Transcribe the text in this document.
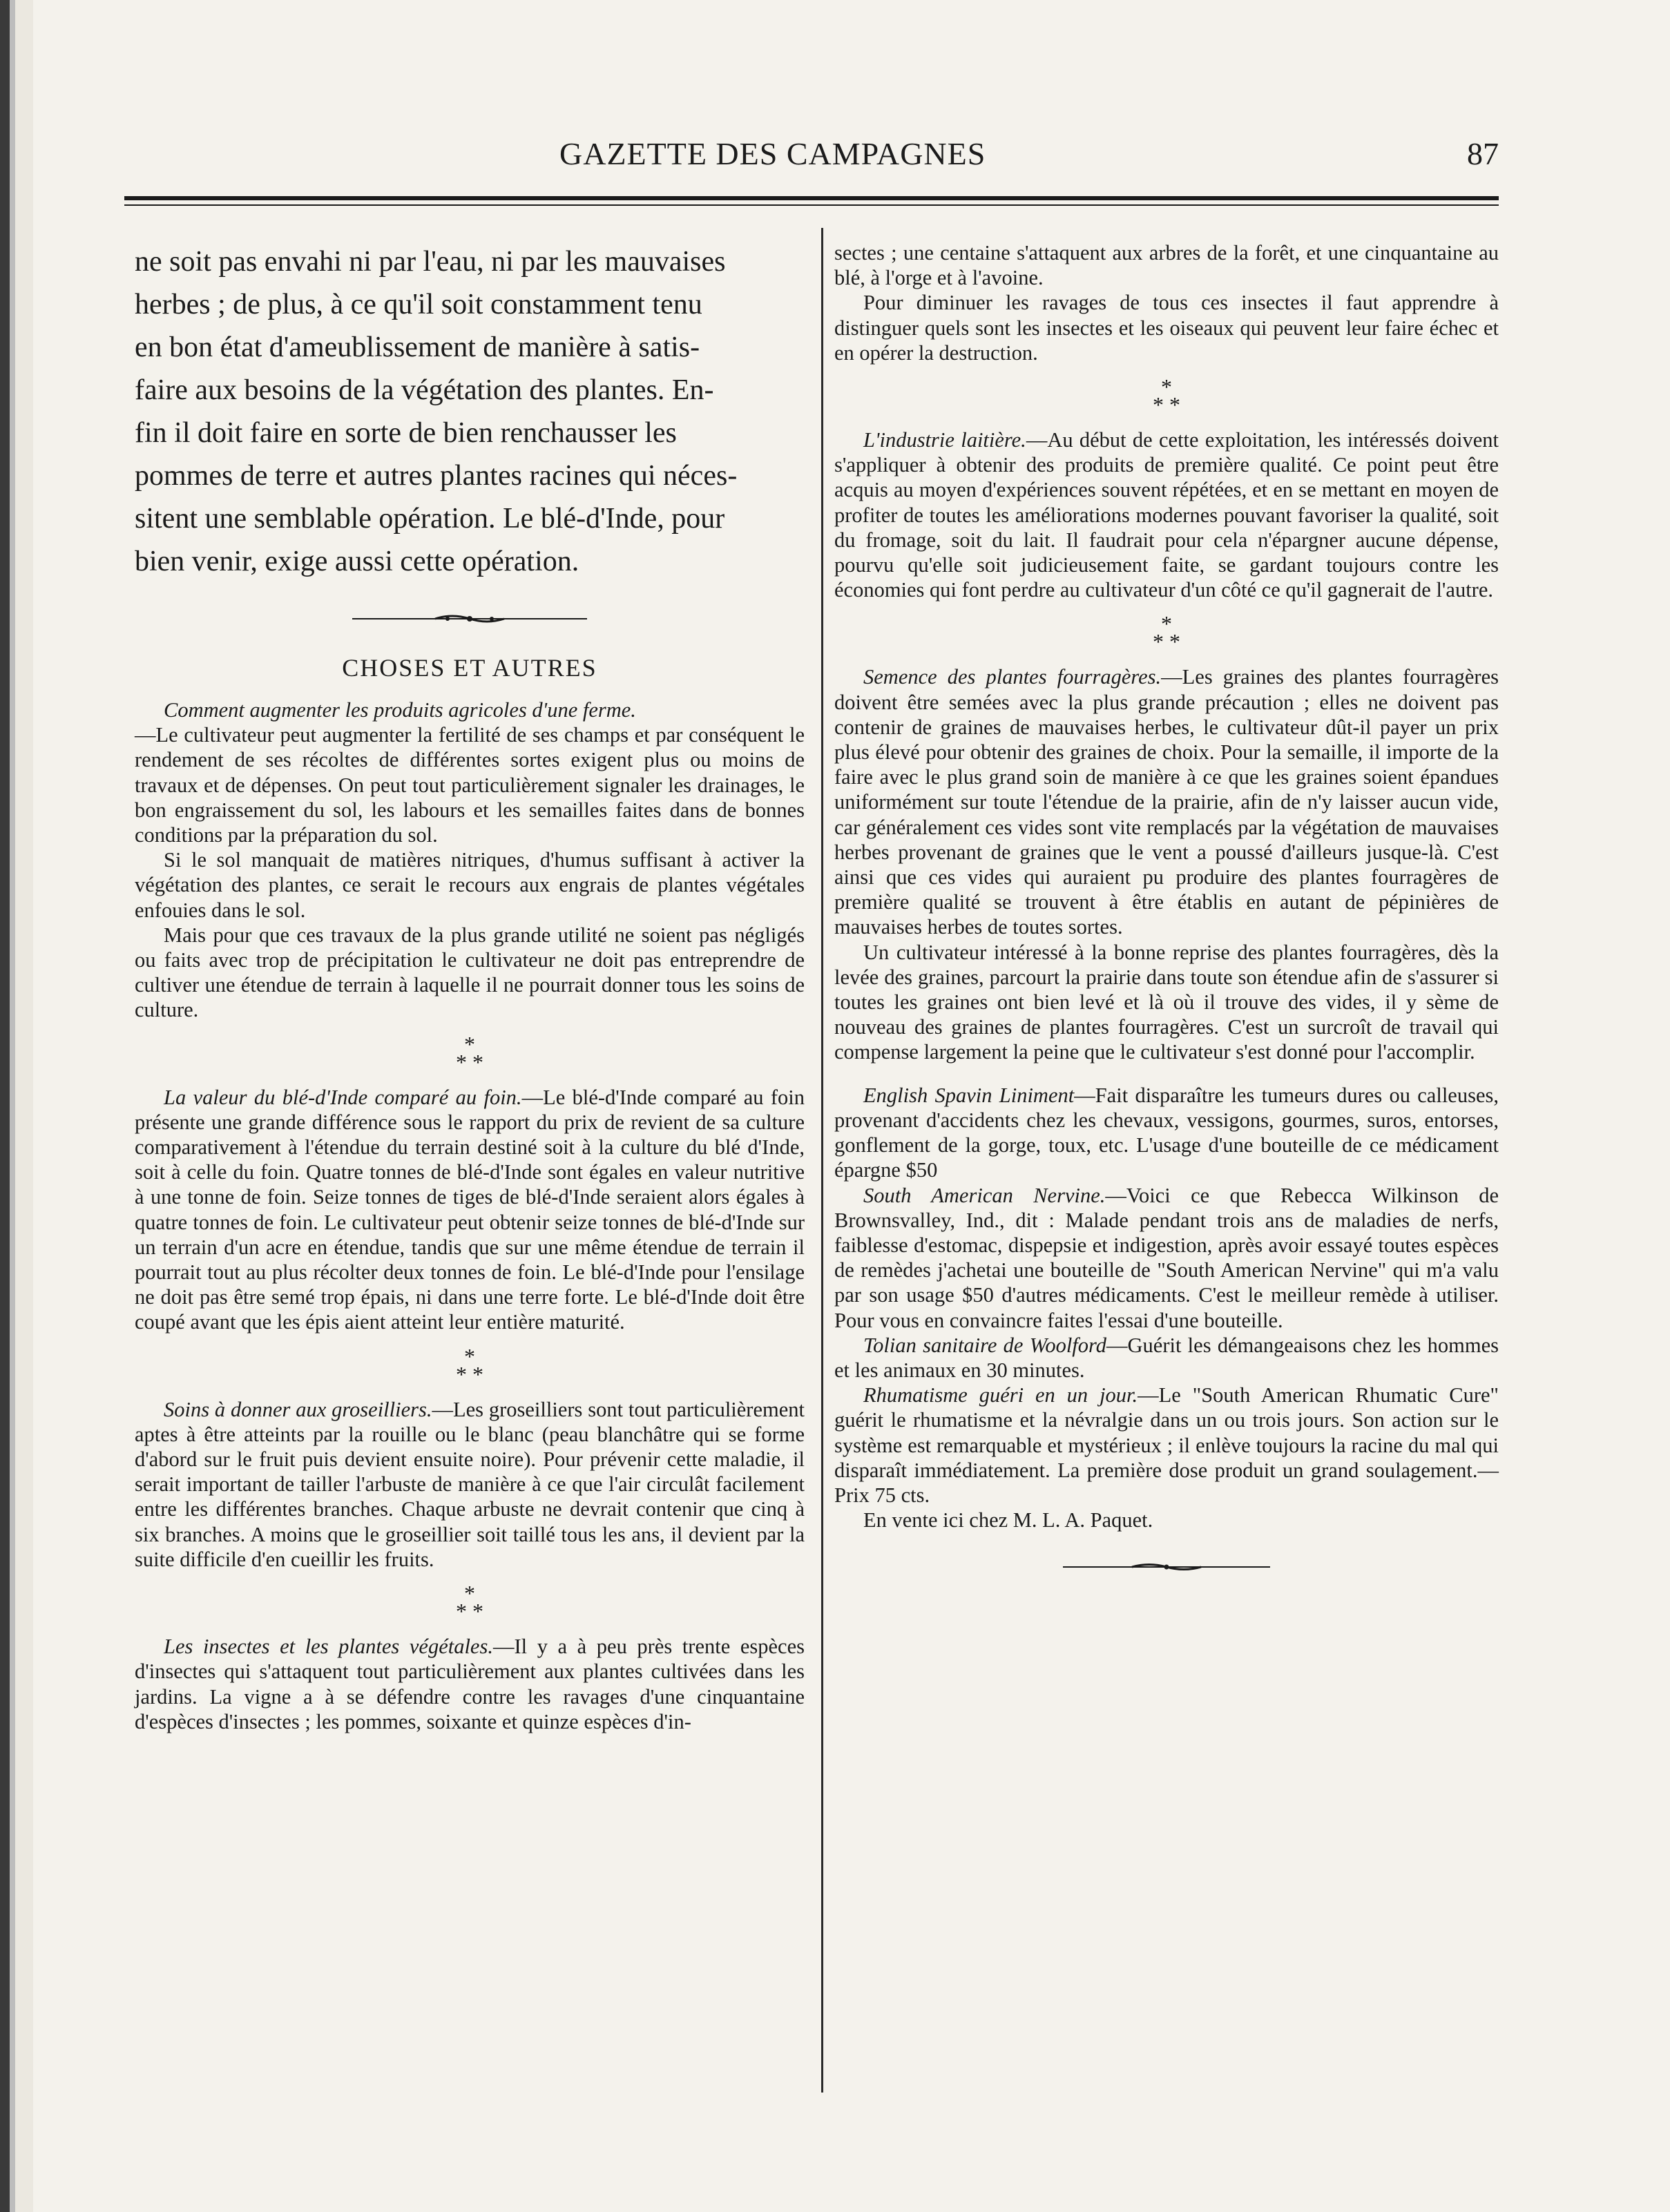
GAZETTE DES CAMPAGNES	87

ne soit pas envahi ni par l'eau, ni par les mauvaises

herbes ; de plus, à ce qu'il soit constamment tenu

en bon état d'ameublissement de manière à satis-

faire aux besoins de la végétation des plantes. En-

fin il doit faire en sorte de bien renchausser les

pommes de terre et autres plantes racines qui néces-

sitent une semblable opération. Le blé-d'Inde, pour

bien venir, exige aussi cette opération.

CHOSES ET AUTRES

Comment augmenter les produits agricoles d'une ferme.
—Le cultivateur peut augmenter la fertilité de ses champs et par conséquent le rendement de ses récoltes de différentes sortes exigent plus ou moins de travaux et de dépenses. On peut tout particulièrement signaler les drainages, le bon engraissement du sol, les labours et les semailles faites dans de bonnes conditions par la préparation du sol.

Si le sol manquait de matières nitriques, d'humus suffisant à activer la végétation des plantes, ce serait le recours aux engrais de plantes végétales enfouies dans le sol.

Mais pour que ces travaux de la plus grande utilité ne soient pas négligés ou faits avec trop de précipitation le cultivateur ne doit pas entreprendre de cultiver une étendue de terrain à laquelle il ne pourrait donner tous les soins de culture.

*
* *

La valeur du blé-d'Inde comparé au foin.—Le blé-d'Inde comparé au foin présente une grande différence sous le rapport du prix de revient de sa culture comparativement à l'étendue du terrain destiné soit à la culture du blé d'Inde, soit à celle du foin. Quatre tonnes de blé-d'Inde sont égales en valeur nutritive à une tonne de foin. Seize tonnes de tiges de blé-d'Inde seraient alors égales à quatre tonnes de foin. Le cultivateur peut obtenir seize tonnes de blé-d'Inde sur un terrain d'un acre en étendue, tandis que sur une même étendue de terrain il pourrait tout au plus récolter deux tonnes de foin. Le blé-d'Inde pour l'ensilage ne doit pas être semé trop épais, ni dans une terre forte. Le blé-d'Inde doit être coupé avant que les épis aient atteint leur entière maturité.

*
* *

Soins à donner aux groseilliers.—Les groseilliers sont tout particulièrement aptes à être atteints par la rouille ou le blanc (peau blanchâtre qui se forme d'abord sur le fruit puis devient ensuite noire). Pour prévenir cette maladie, il serait important de tailler l'arbuste de manière à ce que l'air circulât facilement entre les différentes branches. Chaque arbuste ne devrait contenir que cinq à six branches. A moins que le groseillier soit taillé tous les ans, il devient par la suite difficile d'en cueillir les fruits.

*
* *

Les insectes et les plantes végétales.—Il y a à peu près trente espèces d'insectes qui s'attaquent tout particulièrement aux plantes cultivées dans les jardins. La vigne a à se défendre contre les ravages d'une cinquantaine d'espèces d'insectes ; les pommes, soixante et quinze espèces d'in-

sectes ; une centaine s'attaquent aux arbres de la forêt, et une cinquantaine au blé, à l'orge et à l'avoine.

Pour diminuer les ravages de tous ces insectes il faut apprendre à distinguer quels sont les insectes et les oiseaux qui peuvent leur faire échec et en opérer la destruction.

*
* *

L'industrie laitière.—Au début de cette exploitation, les intéressés doivent s'appliquer à obtenir des produits de première qualité. Ce point peut être acquis au moyen d'expériences souvent répétées, et en se mettant en moyen de profiter de toutes les améliorations modernes pouvant favoriser la qualité, soit du fromage, soit du lait. Il faudrait pour cela n'épargner aucune dépense, pourvu qu'elle soit judicieusement faite, se gardant toujours contre les économies qui font perdre au cultivateur d'un côté ce qu'il gagnerait de l'autre.

*
* *

Semence des plantes fourragères.—Les graines des plantes fourragères doivent être semées avec la plus grande précaution ; elles ne doivent pas contenir de graines de mauvaises herbes, le cultivateur dût-il payer un prix plus élevé pour obtenir des graines de choix. Pour la semaille, il importe de la faire avec le plus grand soin de manière à ce que les graines soient épandues uniformément sur toute l'étendue de la prairie, afin de n'y laisser aucun vide, car généralement ces vides sont vite remplacés par la végétation de mauvaises herbes provenant de graines que le vent a poussé d'ailleurs jusque-là. C'est ainsi que ces vides qui auraient pu produire des plantes fourragères de première qualité se trouvent à être établis en autant de pépinières de mauvaises herbes de toutes sortes.

Un cultivateur intéressé à la bonne reprise des plantes fourragères, dès la levée des graines, parcourt la prairie dans toute son étendue afin de s'assurer si toutes les graines ont bien levé et là où il trouve des vides, il y sème de nouveau des graines de plantes fourragères. C'est un surcroît de travail qui compense largement la peine que le cultivateur s'est donné pour l'accomplir.

English Spavin Liniment—Fait disparaître les tumeurs dures ou calleuses, provenant d'accidents chez les chevaux, vessigons, gourmes, suros, entorses, gonflement de la gorge, toux, etc. L'usage d'une bouteille de ce médicament épargne $50

South American Nervine.—Voici ce que Rebecca Wilkinson de Brownsvalley, Ind., dit : Malade pendant trois ans de maladies de nerfs, faiblesse d'estomac, dispepsie et indigestion, après avoir essayé toutes espèces de remèdes j'achetai une bouteille de "South American Nervine" qui m'a valu par son usage $50 d'autres médicaments. C'est le meilleur remède à utiliser. Pour vous en convaincre faites l'essai d'une bouteille.

Tolian sanitaire de Woolford—Guérit les démangeaisons chez les hommes et les animaux en 30 minutes.

Rhumatisme guéri en un jour.—Le "South American Rhumatic Cure" guérit le rhumatisme et la névralgie dans un ou trois jours. Son action sur le système est remarquable et mystérieux ; il enlève toujours la racine du mal qui disparaît immédiatement. La première dose produit un grand soulagement.—Prix 75 cts.

En vente ici chez M. L. A. Paquet.
